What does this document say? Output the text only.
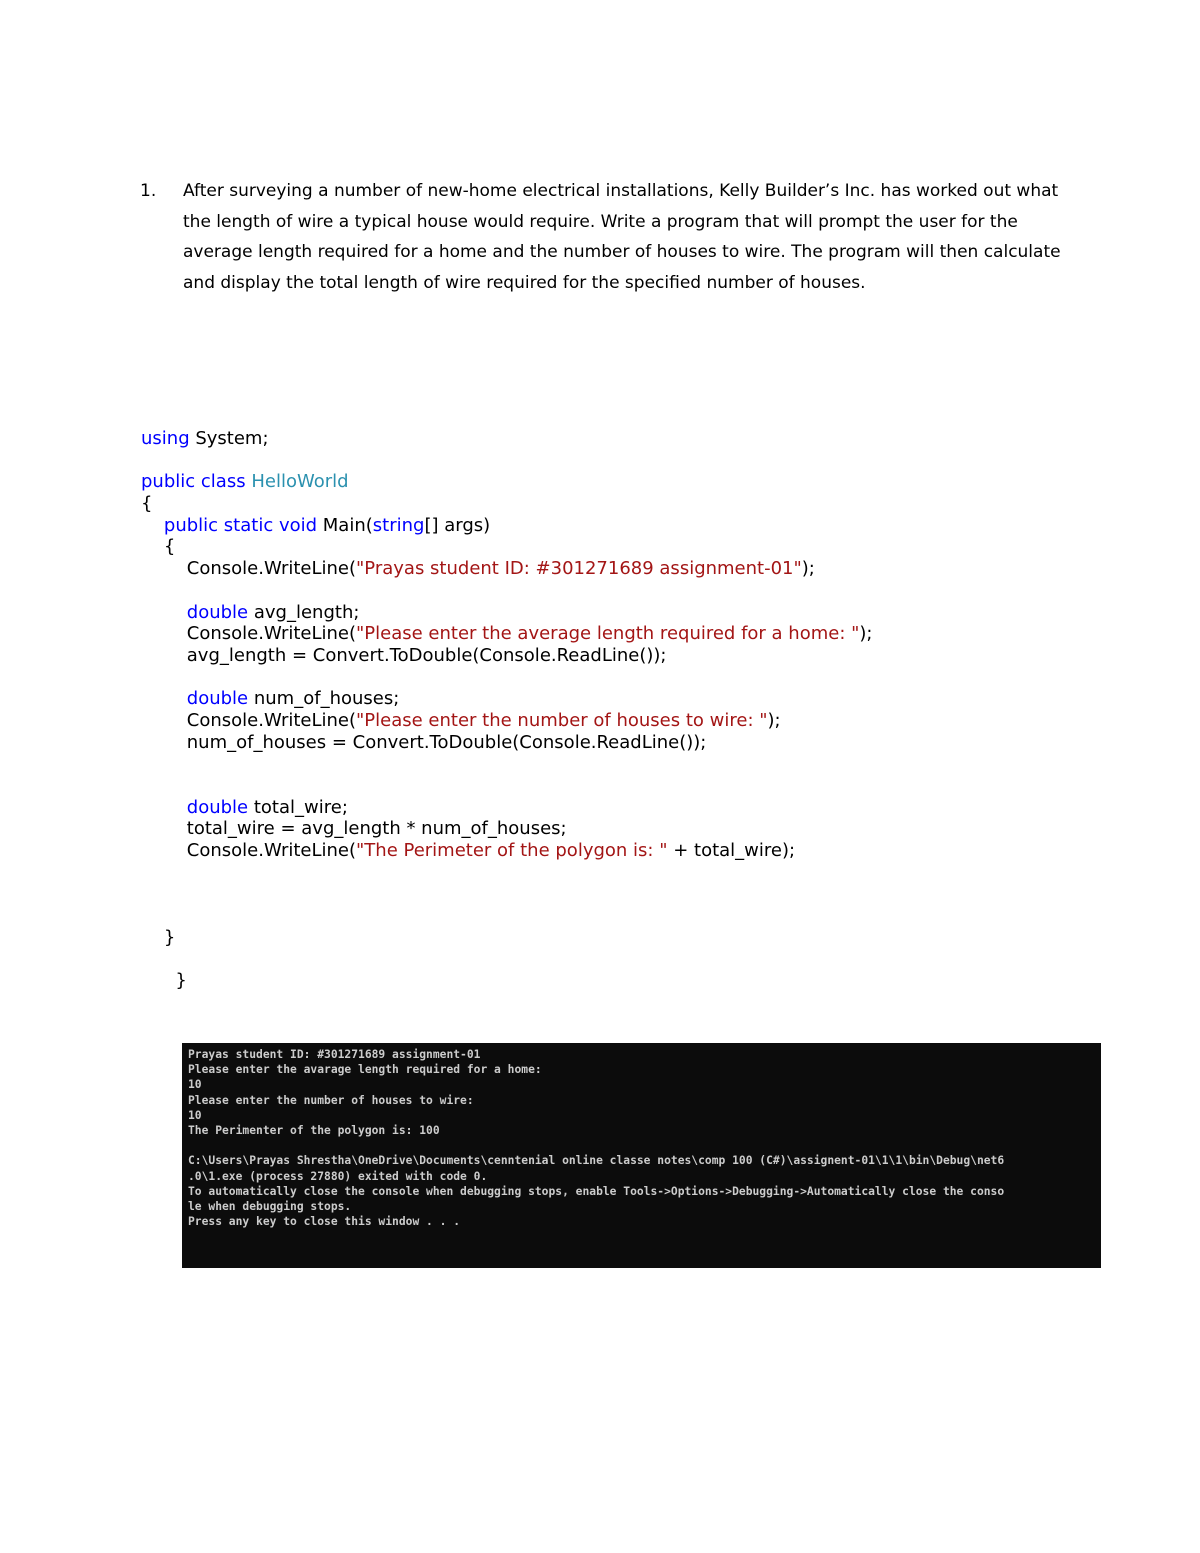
1. After surveying a number of new-home electrical installations, Kelly Builder’s Inc. has worked out what the length of wire a typical house would require. Write a program that will prompt the user for the average length required for a home and the number of houses to wire. The program will then calculate and display the total length of wire required for the specified number of houses.
using System;
public class HelloWorld
{
public static void Main(string[] args)
{
Console.WriteLine("Prayas student ID: #301271689 assignment-01");
double avg_length;
Console.WriteLine("Please enter the average length required for a home: ");
avg_length = Convert.ToDouble(Console.ReadLine());
double num_of_houses;
Console.WriteLine("Please enter the number of houses to wire: ");
num_of_houses = Convert.ToDouble(Console.ReadLine());
double total_wire;
total_wire = avg_length * num_of_houses;
Console.WriteLine("The Perimeter of the polygon is: " + total_wire);
}
}
Prayas student ID: #301271689 assignment-01
Please enter the avarage length required for a home:
10
Please enter the number of houses to wire:
10
The Perimenter of the polygon is: 100
C:\Users\Prayas Shrestha\OneDrive\Documents\cenntenial online classe notes\comp 100 (C#)\assignent-01\1\1\bin\Debug\net6
.0\1.exe (process 27880) exited with code 0.
To automatically close the console when debugging stops, enable Tools->Options->Debugging->Automatically close the conso
le when debugging stops.
Press any key to close this window . . .
